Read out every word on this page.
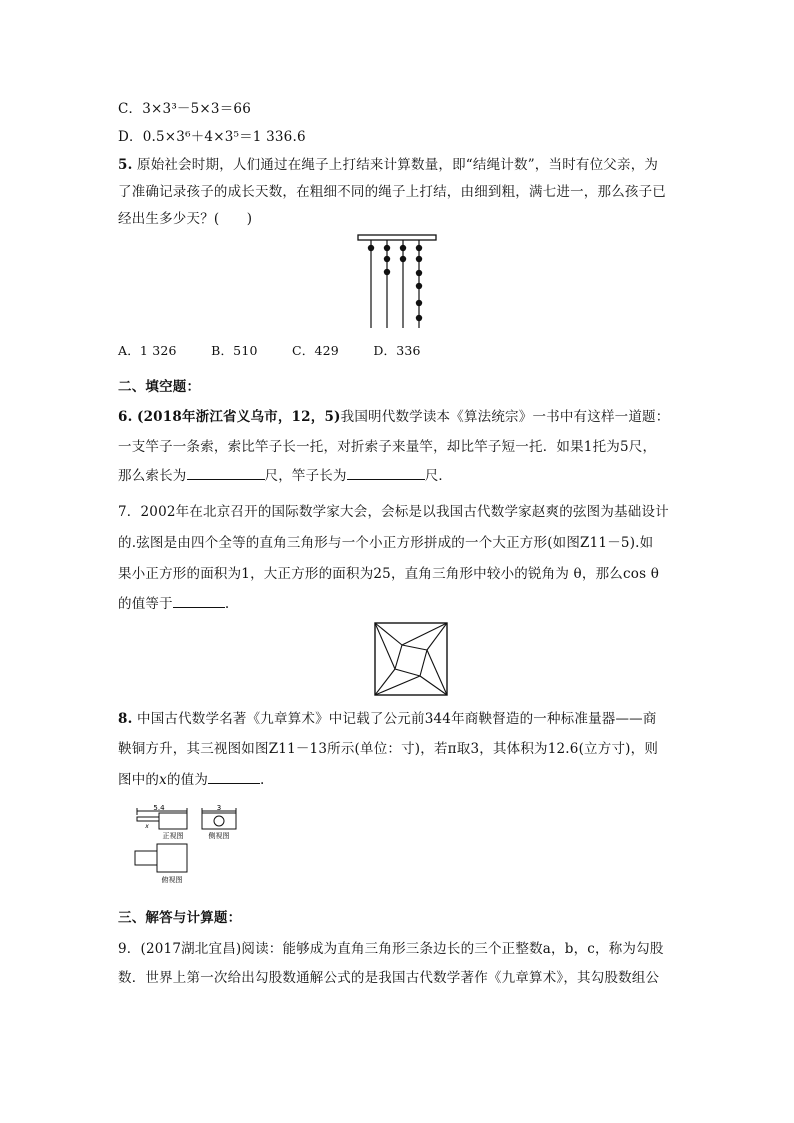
C．3×3³－5×3＝66
D．0.5×3⁶＋4×3⁵＝1 336.6
5. 原始社会时期，人们通过在绳子上打结来计算数量，即“结绳计数”，当时有位父亲，为
了准确记录孩子的成长天数，在粗细不同的绳子上打结，由细到粗，满七进一，那么孩子已
经出生多少天？(　　)
A．1 326	B．510	C．429	D．336
二、填空题：
6. (2018年浙江省义乌市，12，5)我国明代数学读本《算法统宗》一书中有这样一道题：
一支竿子一条索，索比竿子长一托，对折索子来量竿，却比竿子短一托．如果1托为5尺，
那么索长为	尺，竿子长为	尺．
7．2002年在北京召开的国际数学家大会，会标是以我国古代数学家赵爽的弦图为基础设计
的.弦图是由四个全等的直角三角形与一个小正方形拼成的一个大正方形(如图Z11－5).如
果小正方形的面积为1，大正方形的面积为25，直角三角形中较小的锐角为 θ，那么cos θ
的值等于	.
8. 中国古代数学名著《九章算术》中记载了公元前344年商鞅督造的一种标准量器——商
鞅铜方升，其三视图如图Z11－13所示(单位：寸)，若π取3，其体积为12.6(立方寸)，则
图中的x的值为	.
5.4	3
x
正视图	侧视图
俯视图
三、解答与计算题：
9．(2017湖北宜昌)阅读：能够成为直角三角形三条边长的三个正整数a，b，c，称为勾股
数．世界上第一次给出勾股数通解公式的是我国古代数学著作《九章算术》，其勾股数组公
